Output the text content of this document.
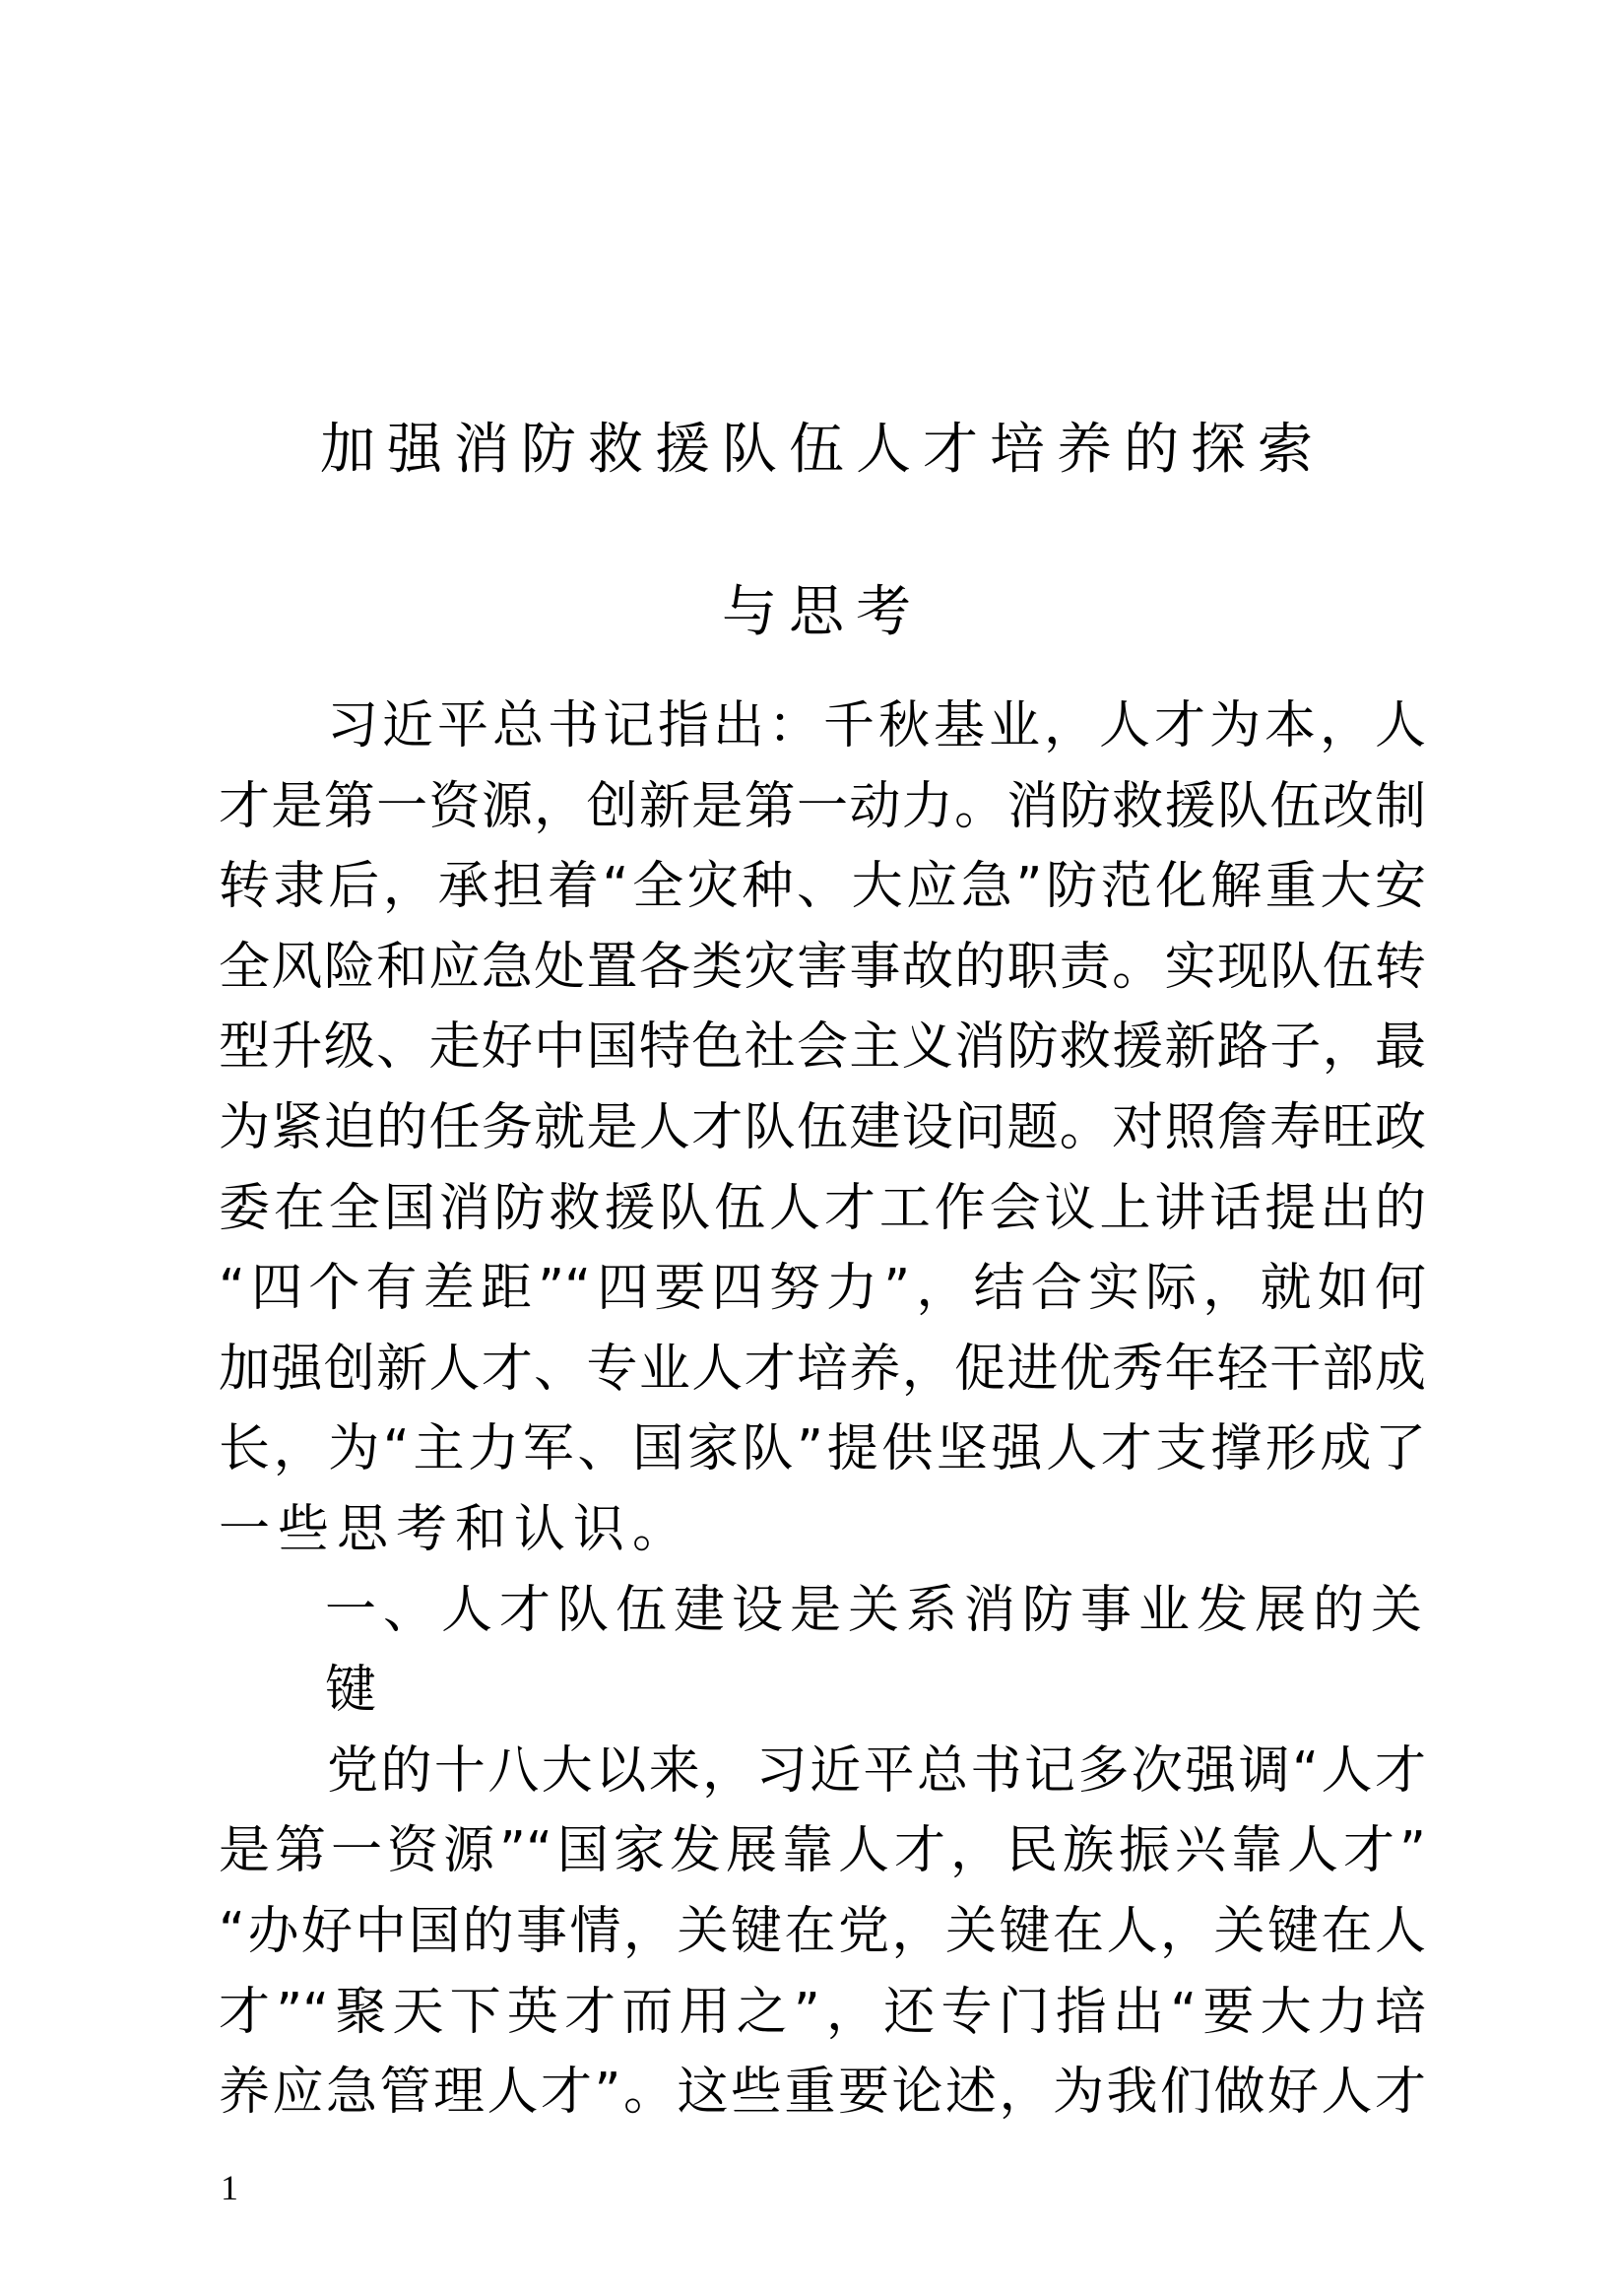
加强消防救援队伍人才培养的探索
与思考
习近平总书记指出：千秋基业，人才为本，人
才是第一资源，创新是第一动力。消防救援队伍改制
转隶后，承担着“全灾种、大应急”防范化解重大安
全风险和应急处置各类灾害事故的职责。实现队伍转
型升级、走好中国特色社会主义消防救援新路子，最
为紧迫的任务就是人才队伍建设问题。对照詹寿旺政
委在全国消防救援队伍人才工作会议上讲话提出的
“四个有差距”“四要四努力”，结合实际，就如何
加强创新人才、专业人才培养，促进优秀年轻干部成
长，为“主力军、国家队”提供坚强人才支撑形成了
一些思考和认识。
一、人才队伍建设是关系消防事业发展的关键
党的十八大以来，习近平总书记多次强调“人才
是第一资源”“国家发展靠人才，民族振兴靠人才”
“办好中国的事情，关键在党，关键在人，关键在人
才”“聚天下英才而用之”，还专门指出“要大力培
养应急管理人才”。这些重要论述，为我们做好人才
1
